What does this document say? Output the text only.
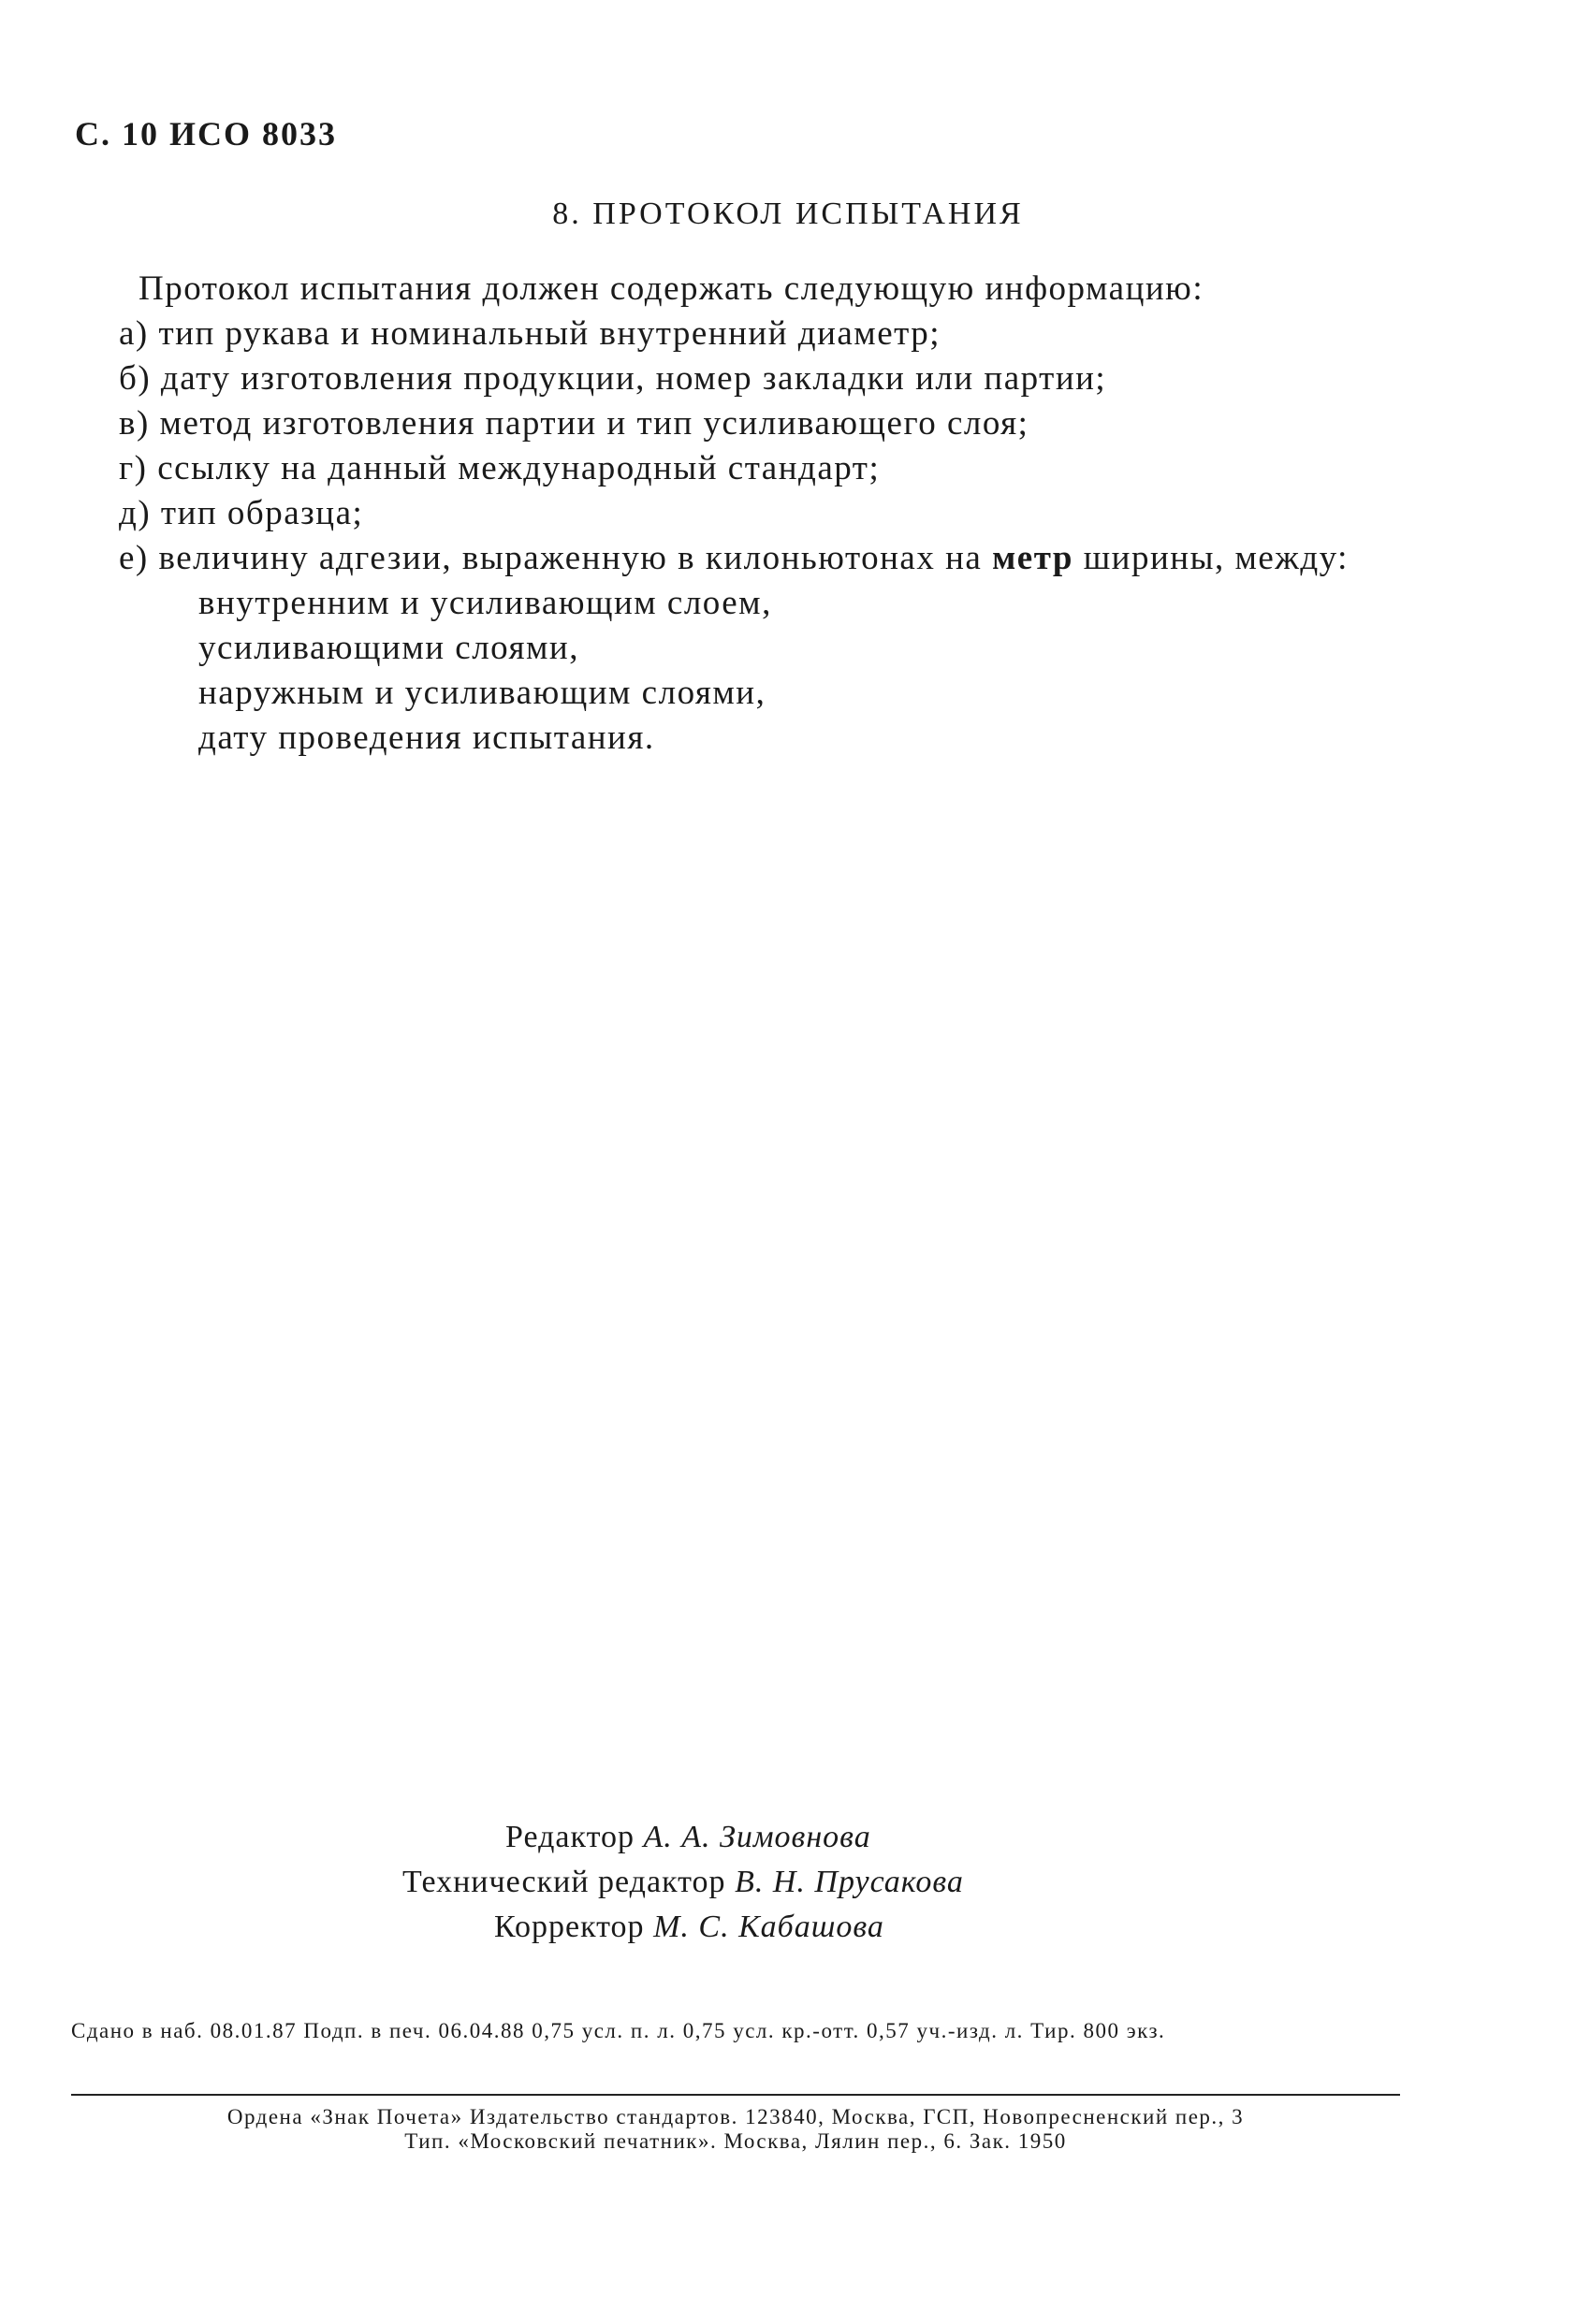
С. 10 ИСО 8033
8. ПРОТОКОЛ ИСПЫТАНИЯ

Протокол испытания должен содержать следующую информацию:

а) тип рукава и номинальный внутренний диаметр;

б) дату изготовления продукции, номер закладки или партии;

в) метод изготовления партии и тип усиливающего слоя;

г) ссылку на данный международный стандарт;

д) тип образца;

е) величину адгезии, выраженную в килоньютонах на метр ширины, между:

внутренним и усиливающим слоем,

усиливающими слоями,

наружным и усиливающим слоями,

дату проведения испытания.

Редактор А. А. Зимовнова
Технический редактор В. Н. Прусакова
Корректор М. С. Кабашова
Сдано в наб. 08.01.87 Подп. в печ. 06.04.88 0,75 усл. п. л. 0,75 усл. кр.-отт. 0,57 уч.-изд. л. Тир. 800 экз.
Ордена «Знак Почета» Издательство стандартов. 123840, Москва, ГСП, Новопресненский пер., 3
Тип. «Московский печатник». Москва, Лялин пер., 6. Зак. 1950
